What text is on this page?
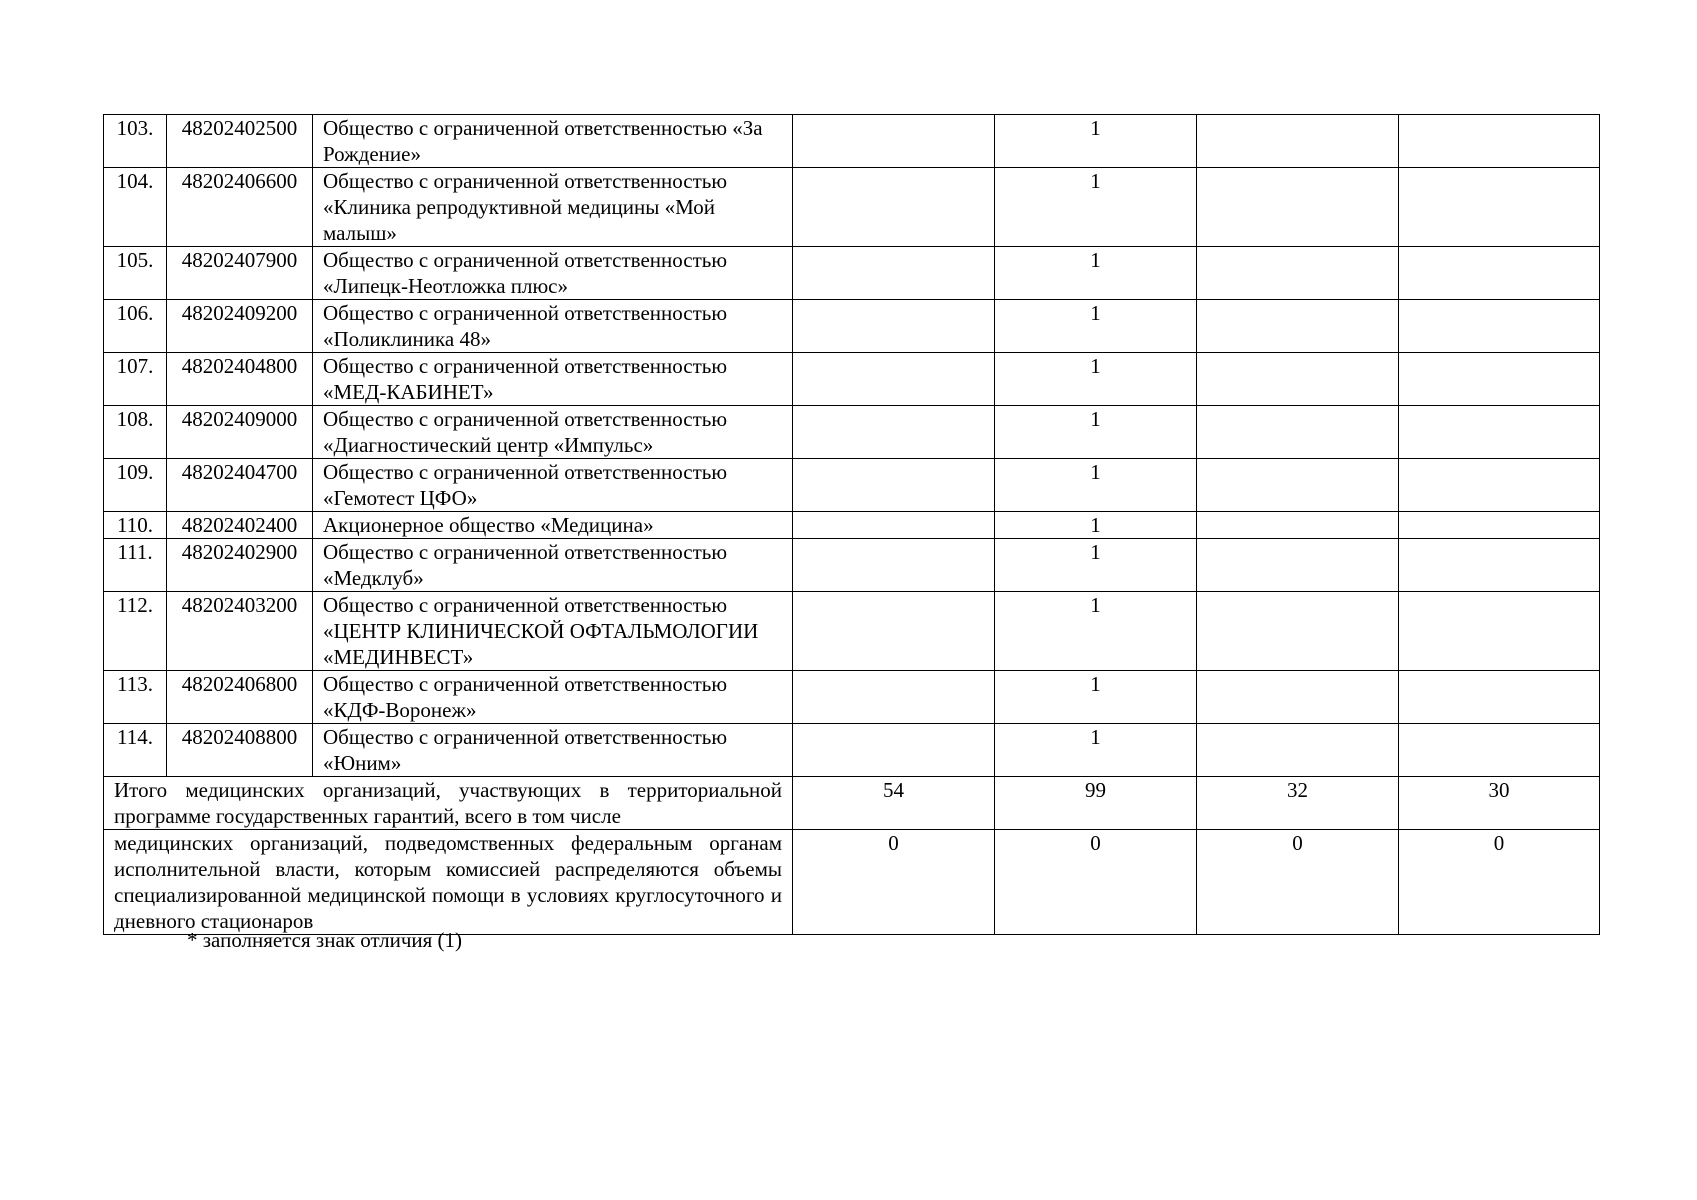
103.	48202402500	Общество с ограниченной ответственностью «За Рождение»		1		
104.	48202406600	Общество с ограниченной ответственностью «Клиника репродуктивной медицины «Мой малыш»		1		
105.	48202407900	Общество с ограниченной ответственностью «Липецк-Неотложка плюс»		1		
106.	48202409200	Общество с ограниченной ответственностью «Поликлиника 48»		1		
107.	48202404800	Общество с ограниченной ответственностью «МЕД-КАБИНЕТ»		1		
108.	48202409000	Общество с ограниченной ответственностью «Диагностический центр «Импульс»		1		
109.	48202404700	Общество с ограниченной ответственностью «Гемотест ЦФО»		1		
110.	48202402400	Акционерное общество «Медицина»		1		
111.	48202402900	Общество с ограниченной ответственностью «Медклуб»		1		
112.	48202403200	Общество с ограниченной ответственностью «ЦЕНТР КЛИНИЧЕСКОЙ ОФТАЛЬМОЛОГИИ «МЕДИНВЕСТ»		1		
113.	48202406800	Общество с ограниченной ответственностью «КДФ-Воронеж»		1		
114.	48202408800	Общество с ограниченной ответственностью «Юним»		1		
Итого медицинских организаций, участвующих в территориальной программе государственных гарантий, всего в том числе			54	99	32	30
медицинских организаций, подведомственных федеральным органам исполнительной власти, которым комиссией распределяются объемы специализированной медицинской помощи в условиях круглосуточного и дневного стационаров			0	0	0	0
* заполняется знак отличия (1)
